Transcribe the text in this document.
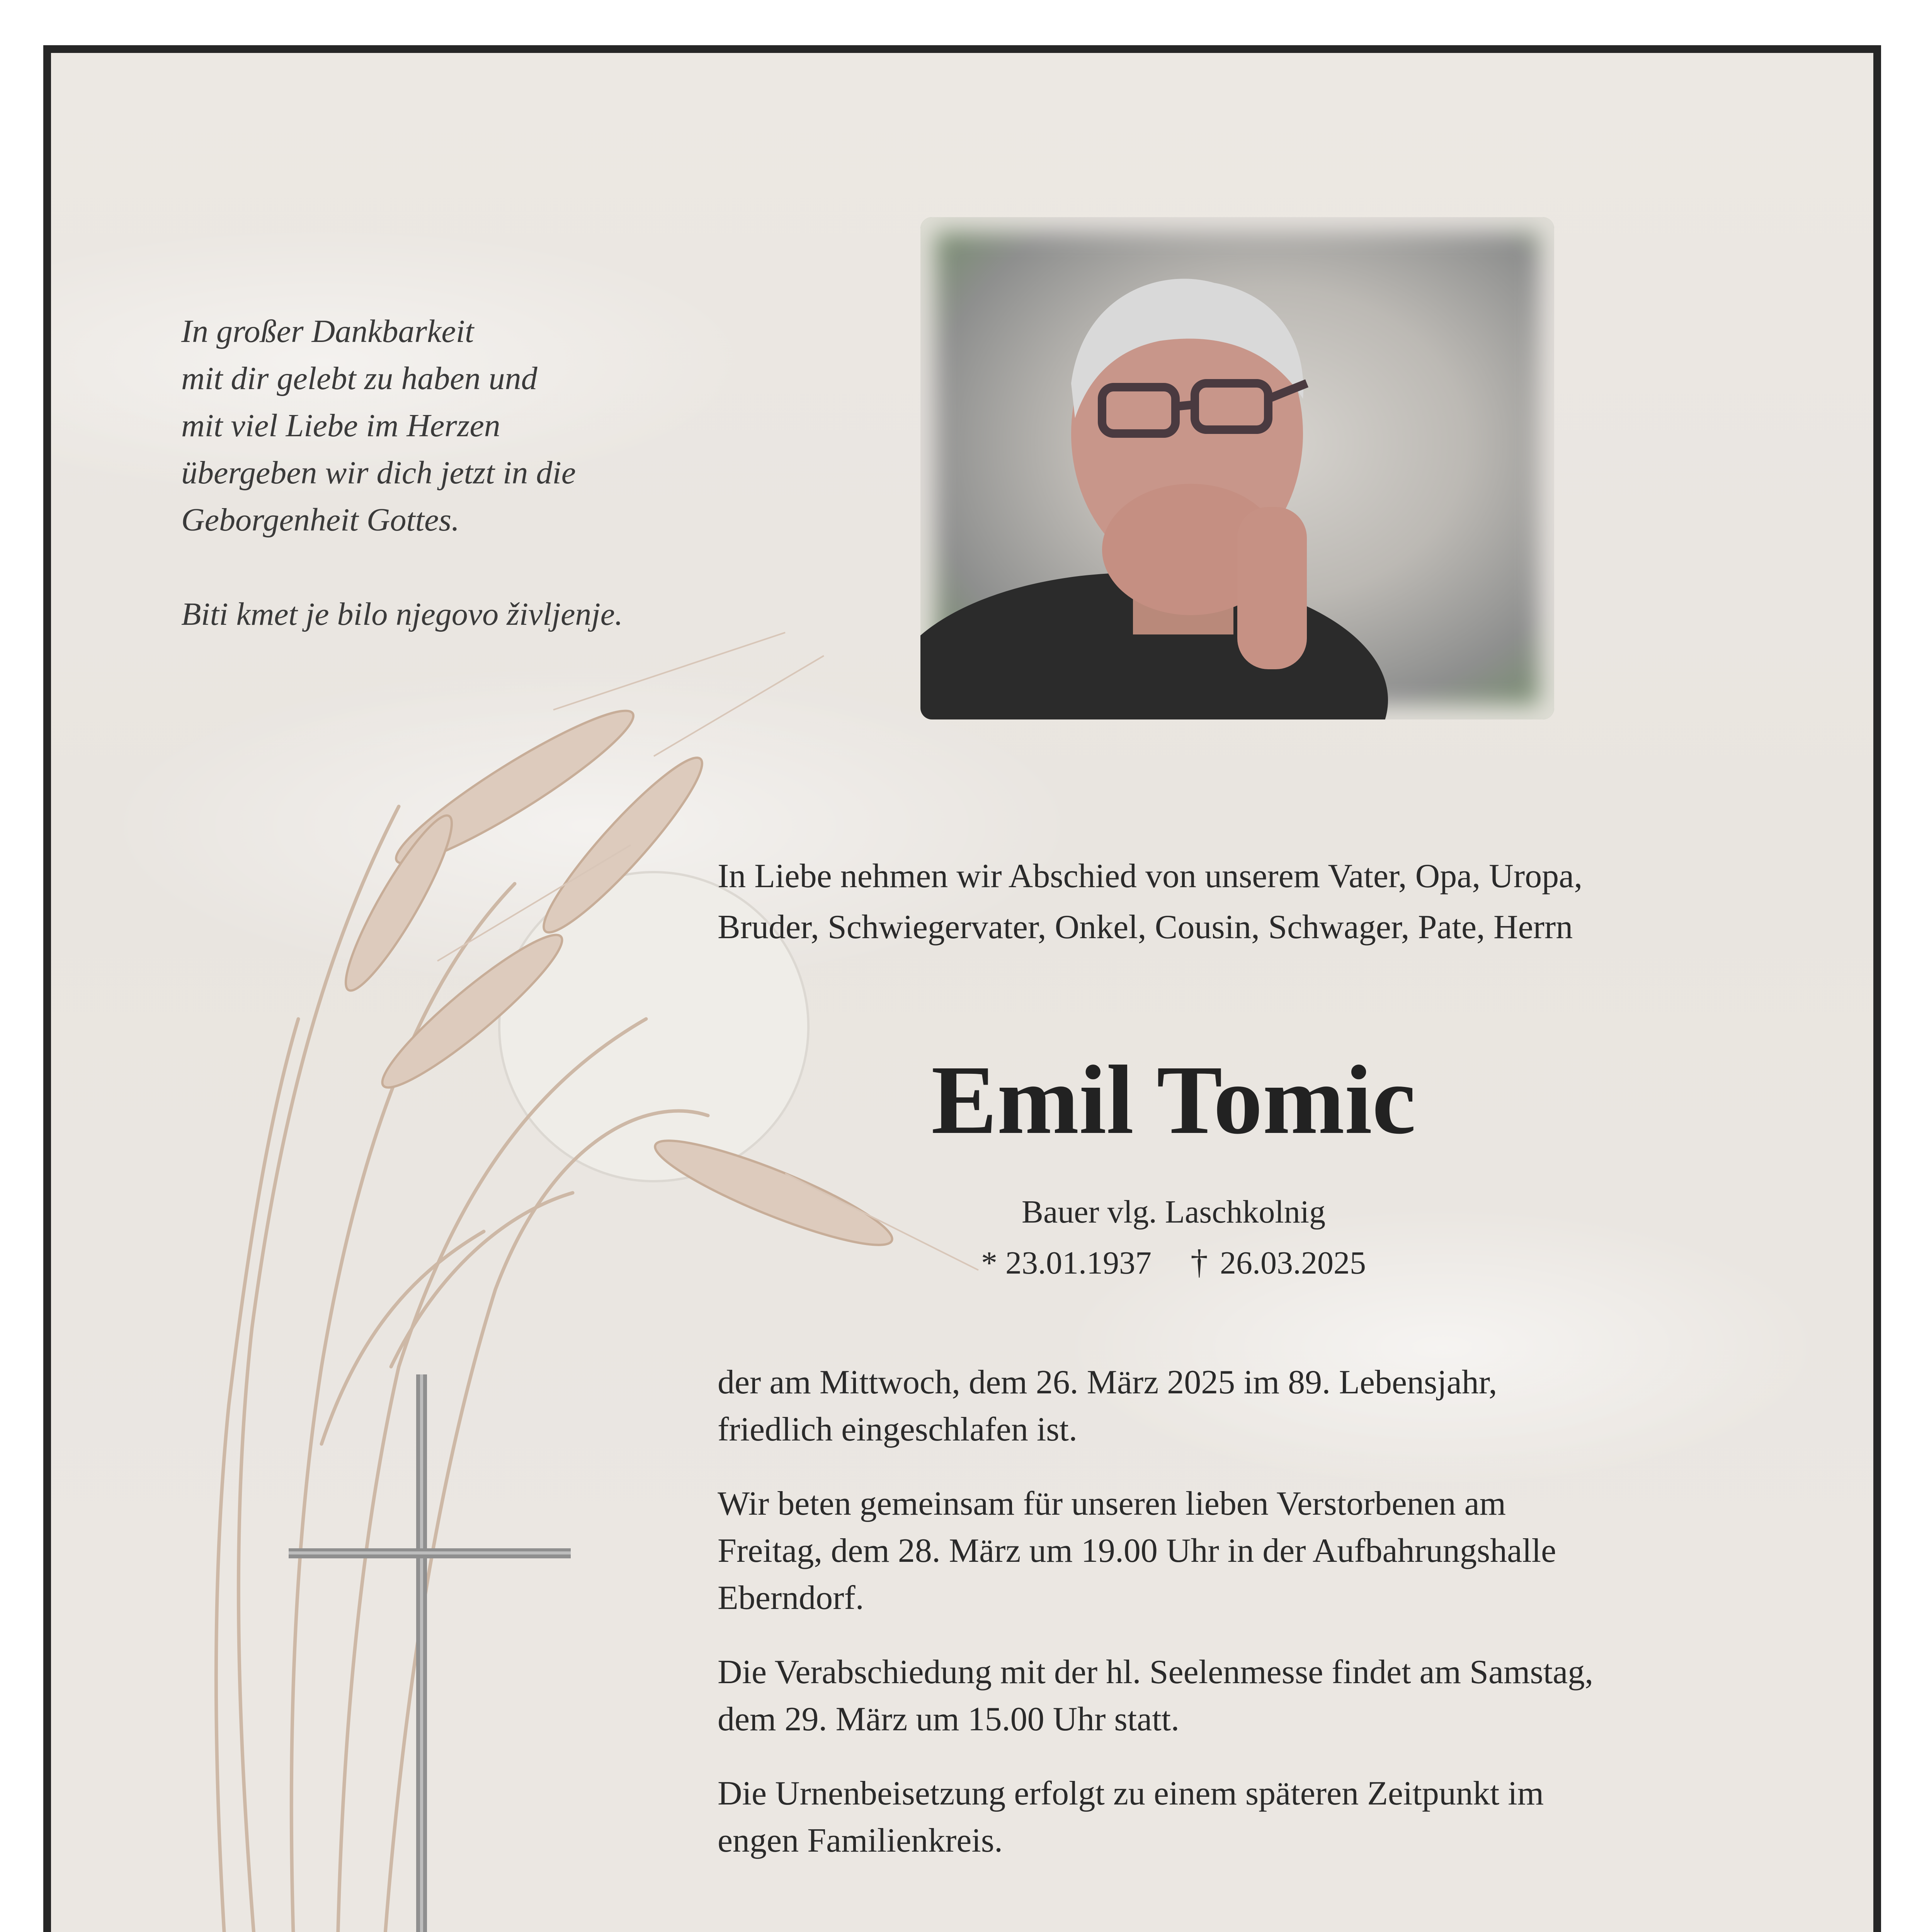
In großer Dankbarkeit
mit dir gelebt zu haben und
mit viel Liebe im Herzen
übergeben wir dich jetzt in die
Geborgenheit Gottes.

Biti kmet je bilo njegovo življenje.

In Liebe nehmen wir Abschied von unserem Vater, Opa, Uropa,
Bruder, Schwiegervater, Onkel, Cousin, Schwager, Pate, Herrn
Emil Tomic
Bauer vlg. Laschkolnig
* 23.01.1937 † 26.03.2025

der am Mittwoch, dem 26. März 2025 im 89. Lebensjahr,
friedlich eingeschlafen ist.

Wir beten gemeinsam für unseren lieben Verstorbenen am
Freitag, dem 28. März um 19.00 Uhr in der Aufbahrungshalle
Eberndorf.

Die Verabschiedung mit der hl. Seelenmesse findet am Samstag,
dem 29. März um 15.00 Uhr statt.

Die Urnenbeisetzung erfolgt zu einem späteren Zeitpunkt im
engen Familienkreis.
